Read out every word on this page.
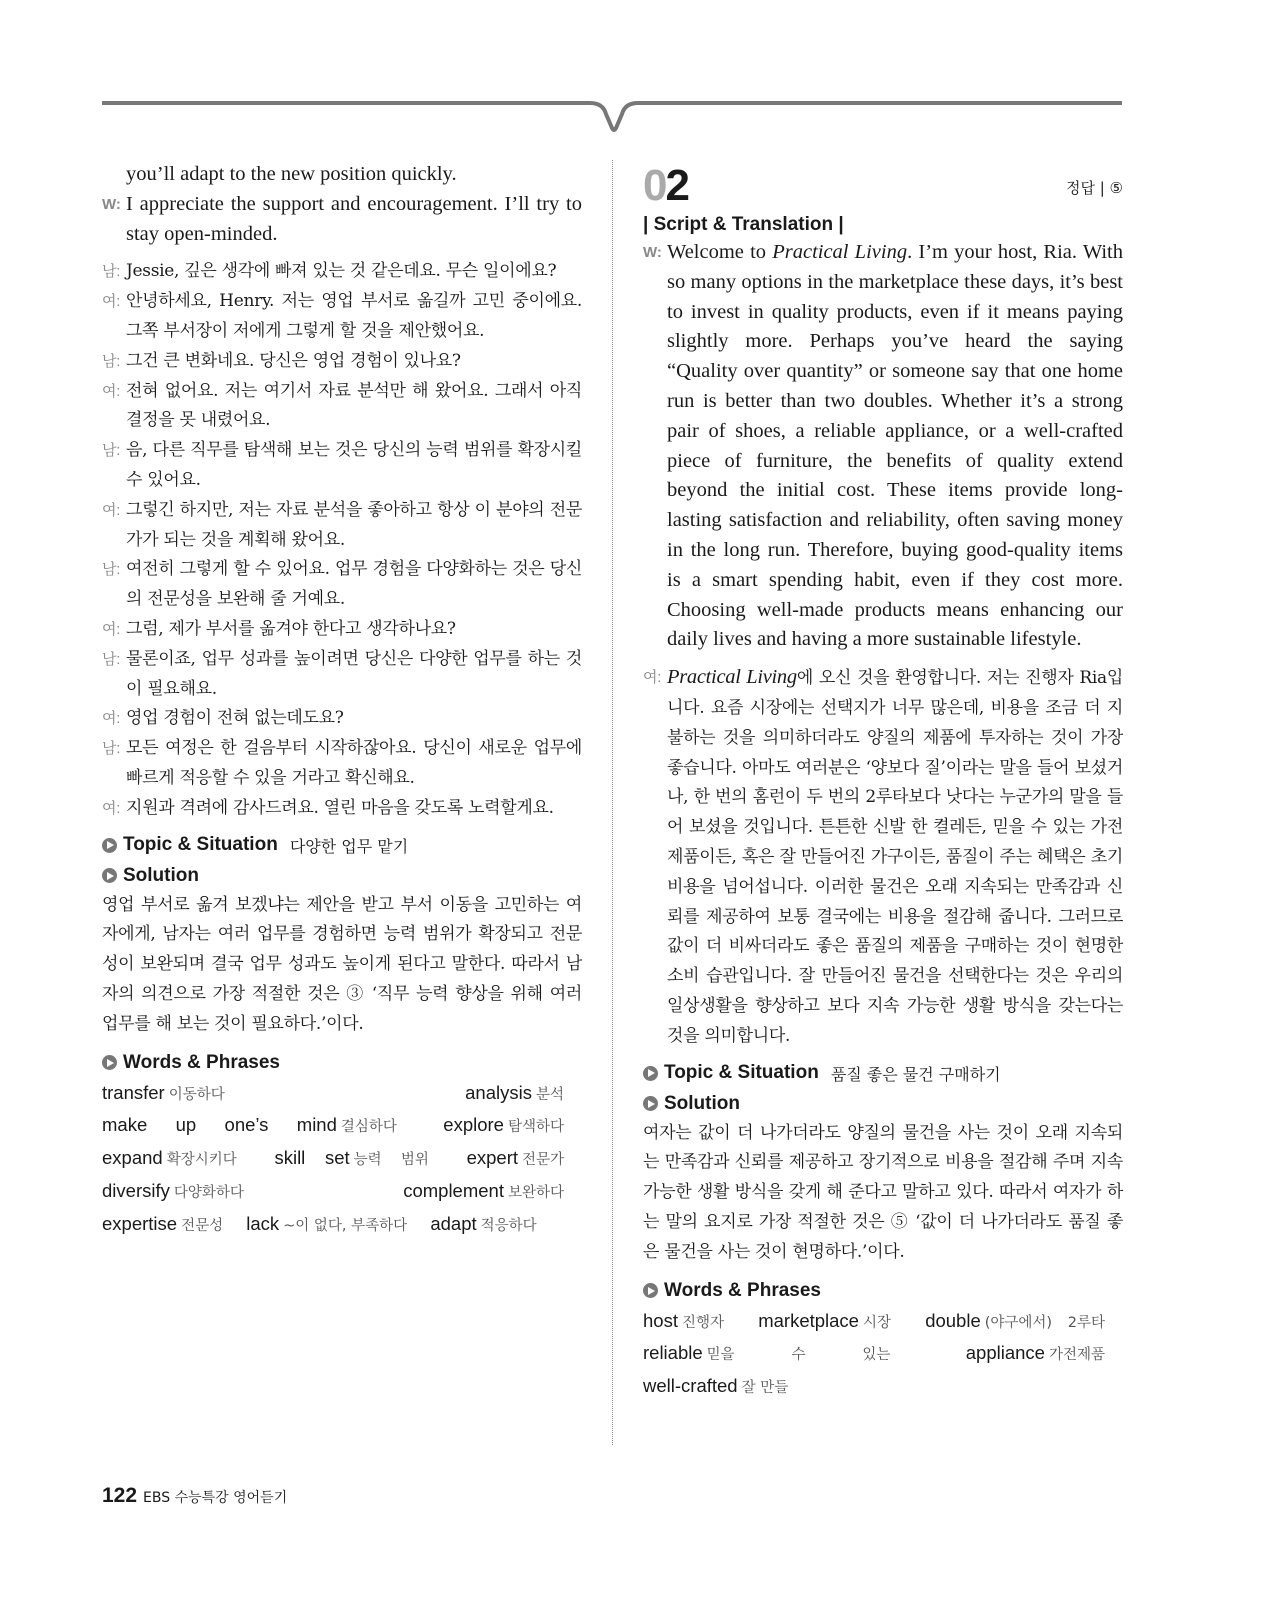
you’ll adapt to the new position quickly.
W: I appreciate the support and encouragement. I’ll try to stay open-minded.
남: Jessie, 깊은 생각에 빠져 있는 것 같은데요. 무슨 일이에요?
여: 안녕하세요, Henry. 저는 영업 부서로 옮길까 고민 중이에요. 그쪽 부서장이 저에게 그렇게 할 것을 제안했어요.
남: 그건 큰 변화네요. 당신은 영업 경험이 있나요?
여: 전혀 없어요. 저는 여기서 자료 분석만 해 왔어요. 그래서 아직 결정을 못 내렸어요.
남: 음, 다른 직무를 탐색해 보는 것은 당신의 능력 범위를 확장시킬 수 있어요.
여: 그렇긴 하지만, 저는 자료 분석을 좋아하고 항상 이 분야의 전문가가 되는 것을 계획해 왔어요.
남: 여전히 그렇게 할 수 있어요. 업무 경험을 다양화하는 것은 당신의 전문성을 보완해 줄 거예요.
여: 그럼, 제가 부서를 옮겨야 한다고 생각하나요?
남: 물론이죠, 업무 성과를 높이려면 당신은 다양한 업무를 하는 것이 필요해요.
여: 영업 경험이 전혀 없는데도요?
남: 모든 여정은 한 걸음부터 시작하잖아요. 당신이 새로운 업무에 빠르게 적응할 수 있을 거라고 확신해요.
여: 지원과 격려에 감사드려요. 열린 마음을 갖도록 노력할게요.
Topic & Situation 다양한 업무 맡기
Solution
영업 부서로 옮겨 보겠냐는 제안을 받고 부서 이동을 고민하는 여자에게, 남자는 여러 업무를 경험하면 능력 범위가 확장되고 전문성이 보완되며 결국 업무 성과도 높이게 된다고 말한다. 따라서 남자의 의견으로 가장 적절한 것은 ③ ‘직무 능력 향상을 위해 여러 업무를 해 보는 것이 필요하다.’이다.
Words & Phrases
transfer 이동하다	analysis 분석 make up one’s mind 결심하다	explore 탐색하다 expand 확장시키다 skill set 능력 범위 expert 전문가 diversify 다양화하다	complement 보완하다 expertise 전문성 lack ~이 없다, 부족하다 adapt 적응하다
02	정답 | ⑤
| Script & Translation |
W: Welcome to Practical Living. I’m your host, Ria. With so many options in the marketplace these days, it’s best to invest in quality products, even if it means paying slightly more. Perhaps you’ve heard the saying “Quality over quantity” or someone say that one home run is better than two doubles. Whether it’s a strong pair of shoes, a reliable appliance, or a well-crafted piece of furniture, the benefits of quality extend beyond the initial cost. These items provide long-lasting satisfaction and reliability, often saving money in the long run. Therefore, buying good-quality items is a smart spending habit, even if they cost more. Choosing well-made products means enhancing our daily lives and having a more sustainable lifestyle.
여: Practical Living에 오신 것을 환영합니다. 저는 진행자 Ria입니다. 요즘 시장에는 선택지가 너무 많은데, 비용을 조금 더 지불하는 것을 의미하더라도 양질의 제품에 투자하는 것이 가장 좋습니다. 아마도 여러분은 ‘양보다 질’이라는 말을 들어 보셨거나, 한 번의 홈런이 두 번의 2루타보다 낫다는 누군가의 말을 들어 보셨을 것입니다. 튼튼한 신발 한 켤레든, 믿을 수 있는 가전제품이든, 혹은 잘 만들어진 가구이든, 품질이 주는 혜택은 초기 비용을 넘어섭니다. 이러한 물건은 오래 지속되는 만족감과 신뢰를 제공하여 보통 결국에는 비용을 절감해 줍니다. 그러므로 값이 더 비싸더라도 좋은 품질의 제품을 구매하는 것이 현명한 소비 습관입니다. 잘 만들어진 물건을 선택한다는 것은 우리의 일상생활을 향상하고 보다 지속 가능한 생활 방식을 갖는다는 것을 의미합니다.
Topic & Situation 품질 좋은 물건 구매하기
Solution
여자는 값이 더 나가더라도 양질의 물건을 사는 것이 오래 지속되는 만족감과 신뢰를 제공하고 장기적으로 비용을 절감해 주며 지속 가능한 생활 방식을 갖게 해 준다고 말하고 있다. 따라서 여자가 하는 말의 요지로 가장 적절한 것은 ⑤ ‘값이 더 나가더라도 품질 좋은 물건을 사는 것이 현명하다.’이다.
Words & Phrases
host 진행자 marketplace 시장 double (야구에서) 2루타 reliable 믿을 수 있는	appliance 가전제품 well-crafted 잘 만들
122 EBS 수능특강 영어듣기
